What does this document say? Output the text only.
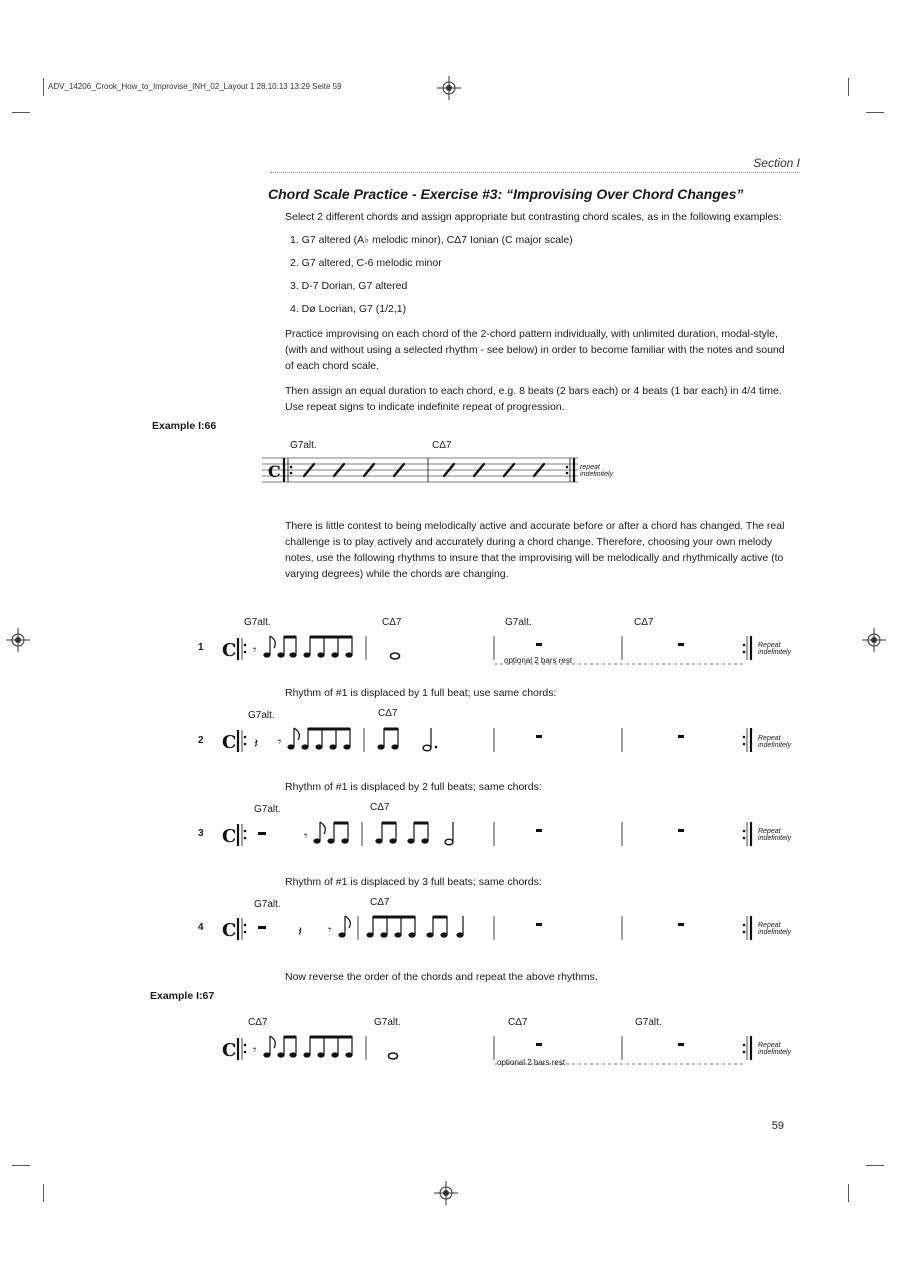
ADV_14206_Crook_How_to_Improvise_INH_02_Layout 1 28.10.13 13:29 Seite 59
Section I
Chord Scale Practice - Exercise #3: “Improvising Over Chord Changes”
Select 2 different chords and assign appropriate but contrasting chord scales, as in the following examples:
1. G7 altered (A♭ melodic minor), CΔ7 Ionian (C major scale)
2. G7 altered, C-6 melodic minor
3. D-7 Dorian, G7 altered
4. Dø Locrian, G7 (1/2,1)
Practice improvising on each chord of the 2-chord pattern individually, with unlimited duration, modal-style, (with and without using a selected rhythm - see below) in order to become familiar with the notes and sound of each chord scale.
Then assign an equal duration to each chord, e.g. 8 beats (2 bars each) or 4 beats (1 bar each) in 4/4 time. Use repeat signs to indicate indefinite repeat of progression.
Example I:66
G7alt.	CΔ7
C	repeat
indefinitely
There is little contest to being melodically active and accurate before or after a chord has changed. The real challenge is to play actively and accurately during a chord change. Therefore, choosing your own melody notes, use the following rhythms to insure that the improvising will be melodically and rhythmically active (to varying degrees) while the chords are changing.
G7alt.	CΔ7	G7alt.	CΔ7
1 C 𝄾
optional 2 bars rest
Repeat
indefinitely
Rhythm of #1 is displaced by 1 full beat; use same chords:
G7alt.	CΔ7
2 C 𝄽 𝄾	Repeat
indefinitely
Rhythm of #1 is displaced by 2 full beats; same chords:
G7alt.	CΔ7
3 C	𝄾	Repeat
indefinitely
Rhythm of #1 is displaced by 3 full beats; same chords:
G7alt.	CΔ7
4 C	𝄽 𝄾	Repeat
indefinitely
Now reverse the order of the chords and repeat the above rhythms.
Example I:67
CΔ7	G7alt.	CΔ7	G7alt.
C 𝄾
optional 2 bars rest
Repeat
indefinitely
59
